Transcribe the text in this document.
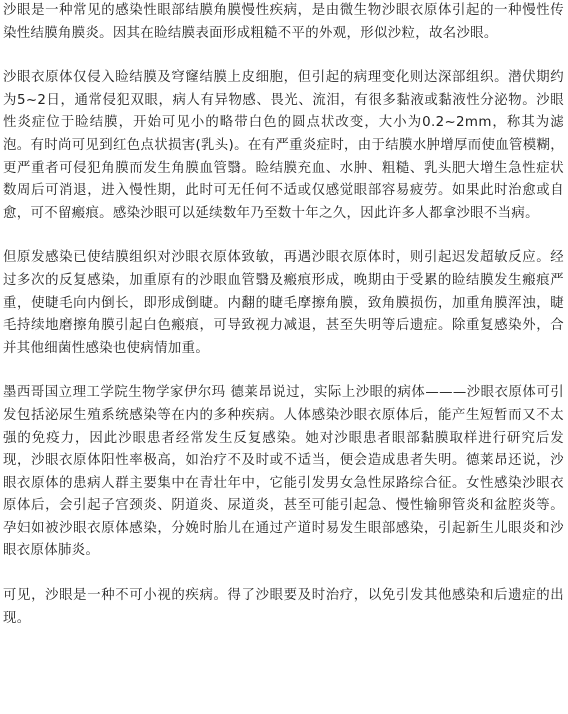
沙眼是一种常见的感染性眼部结膜角膜慢性疾病，是由微生物沙眼衣原体引起的一种慢性传染性结膜角膜炎。因其在睑结膜表面形成粗糙不平的外观，形似沙粒，故名沙眼。

沙眼衣原体仅侵入睑结膜及穹窿结膜上皮细胞，但引起的病理变化则达深部组织。潜伏期约为5~2日，通常侵犯双眼，病人有异物感、畏光、流泪，有很多黏液或黏液性分泌物。沙眼性炎症位于睑结膜，开始可见小的略带白色的圆点状改变，大小为0.2~2mm，称其为滤泡。有时尚可见到红色点状损害(乳头)。在有严重炎症时，由于结膜水肿增厚而使血管模糊，更严重者可侵犯角膜而发生角膜血管翳。睑结膜充血、水肿、粗糙、乳头肥大增生急性症状数周后可消退，进入慢性期，此时可无任何不适或仅感觉眼部容易疲劳。如果此时治愈或自愈，可不留瘢痕。感染沙眼可以延续数年乃至数十年之久，因此许多人都拿沙眼不当病。

但原发感染已使结膜组织对沙眼衣原体致敏，再遇沙眼衣原体时，则引起迟发超敏反应。经过多次的反复感染，加重原有的沙眼血管翳及瘢痕形成，晚期由于受累的睑结膜发生瘢痕严重，使睫毛向内倒长，即形成倒睫。内翻的睫毛摩擦角膜，致角膜损伤，加重角膜浑浊，睫毛持续地磨擦角膜引起白色瘢痕，可导致视力减退，甚至失明等后遗症。除重复感染外，合并其他细菌性感染也使病情加重。

墨西哥国立理工学院生物学家伊尔玛 德莱昂说过，实际上沙眼的病体———沙眼衣原体可引发包括泌尿生殖系统感染等在内的多种疾病。人体感染沙眼衣原体后，能产生短暂而又不太强的免疫力，因此沙眼患者经常发生反复感染。她对沙眼患者眼部黏膜取样进行研究后发现，沙眼衣原体阳性率极高，如治疗不及时或不适当，便会造成患者失明。德莱昂还说，沙眼衣原体的患病人群主要集中在青壮年中，它能引发男女急性尿路综合征。女性感染沙眼衣原体后，会引起子宫颈炎、阴道炎、尿道炎，甚至可能引起急、慢性输卵管炎和盆腔炎等。孕妇如被沙眼衣原体感染，分娩时胎儿在通过产道时易发生眼部感染，引起新生儿眼炎和沙眼衣原体肺炎。

可见，沙眼是一种不可小视的疾病。得了沙眼要及时治疗，以免引发其他感染和后遗症的出现。
